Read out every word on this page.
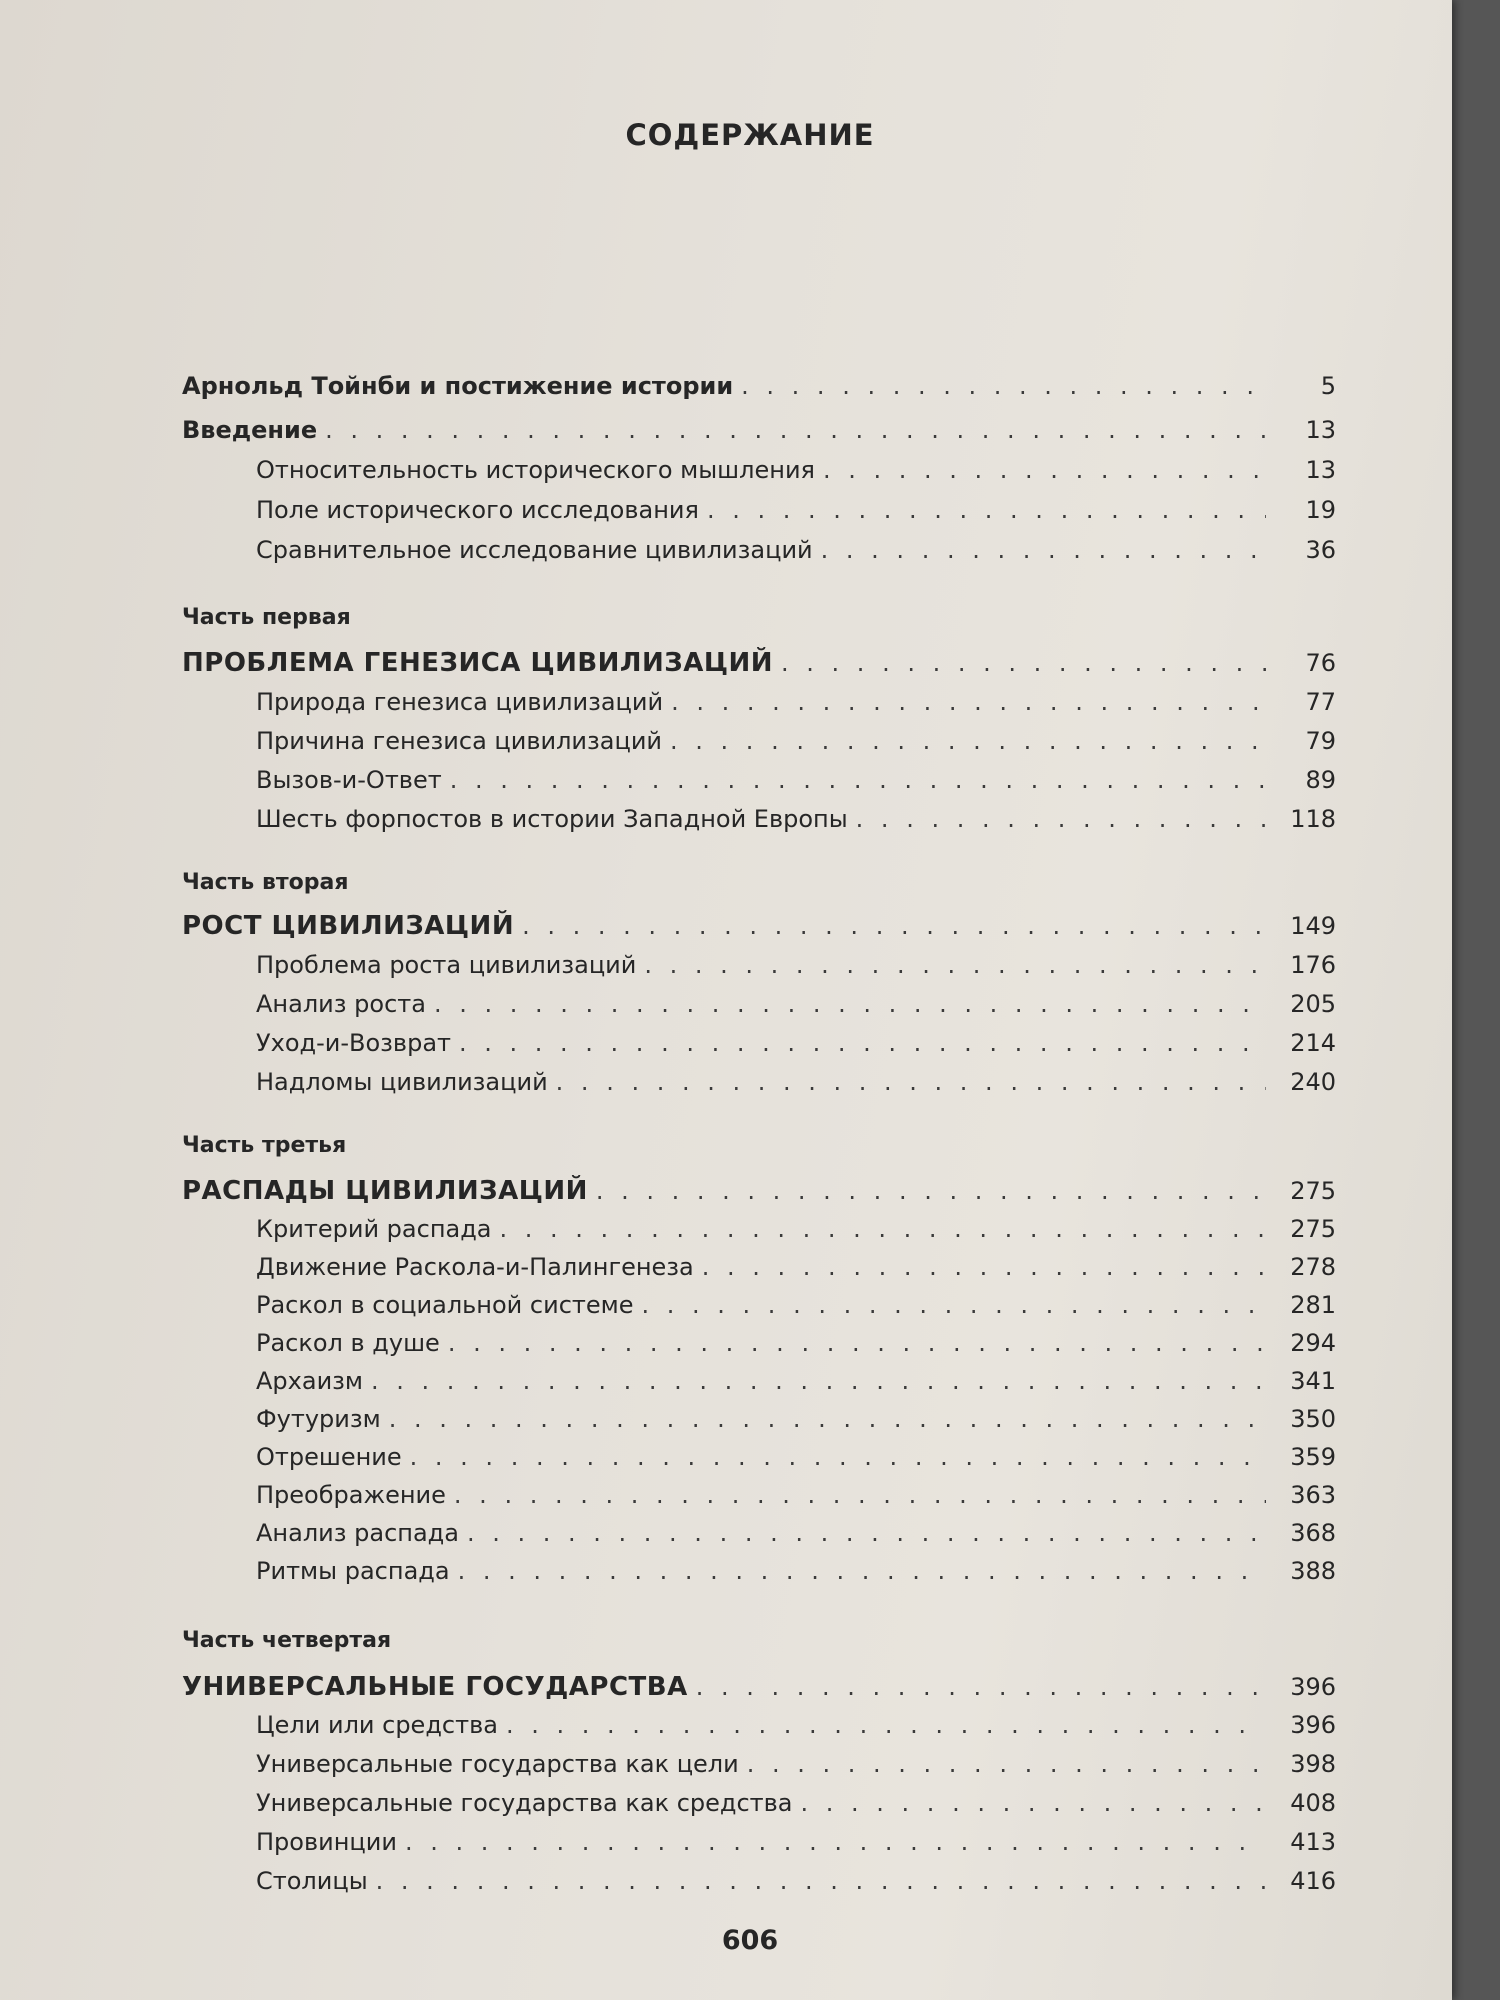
СОДЕРЖАНИЕ
Арнольд Тойнби и постижение истории . . .	5
Введение . . .	13
Относительность исторического мышления . . .	13
Поле исторического исследования . . .	19
Сравнительное исследование цивилизаций . . .	36
Часть первая
ПРОБЛЕМА ГЕНЕЗИСА ЦИВИЛИЗАЦИЙ . . .	76
Природа генезиса цивилизаций . . .	77
Причина генезиса цивилизаций . . .	79
Вызов-и-Ответ . . .	89
Шесть форпостов в истории Западной Европы . . .	118
Часть вторая
РОСТ ЦИВИЛИЗАЦИЙ . . .	149
Проблема роста цивилизаций . . .	176
Анализ роста . . .	205
Уход-и-Возврат . . .	214
Надломы цивилизаций . . .	240
Часть третья
РАСПАДЫ ЦИВИЛИЗАЦИЙ . . .	275
Критерий распада . . .	275
Движение Раскола-и-Палингенеза . . .	278
Раскол в социальной системе . . .	281
Раскол в душе . . .	294
Архаизм . . .	341
Футуризм . . .	350
Отрешение . . .	359
Преображение . . .	363
Анализ распада . . .	368
Ритмы распада . . .	388
Часть четвертая
УНИВЕРСАЛЬНЫЕ ГОСУДАРСТВА . . .	396
Цели или средства . . .	396
Универсальные государства как цели . . .	398
Универсальные государства как средства . . .	408
Провинции . . .	413
Столицы . . .	416
606
